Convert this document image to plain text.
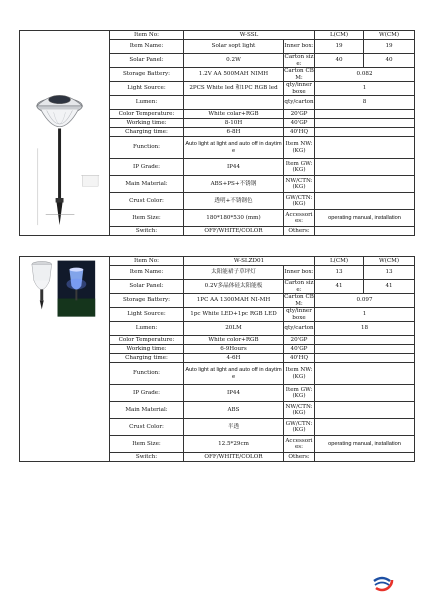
	Item No:	W-SSL		L(CM)	W(CM)
	Item Name:	Solar sopt light	Inner box:	19	19
	Solar Panel:	0.2W	Carton size:	40	40
	Storage Battery:	1.2V AA 500MAH NIMH	Carton CBM:	0.082	
	Light Source:	2PCS White led 和1PC RGB led	qty/inner boxe	1	
	Lumen:		qty/carton	8	
	Color Temperature:	White colar+RGB	20'GP		
	Working time:	8-10H	40'GP		
	Charging time:	6-8H	40'HQ		
	Function:	Auto light at light and auto off in daytime	Item NW:(KG)		
	IP Grade:	IP44	Item GW:(KG)		
	Main Material:	ABS+PS+不锈钢	NW/CTN:(KG)		
	Crust Color:	透明+不锈钢色	GW/CTN:(KG)		
	Item Size:	180*180*530 (mm)	Accessories:	operating manual, installation	
	Switch:	OFF/WHITE/COLOR	Others:		
	Item No:	W-SLZD01		L(CM)	W(CM)
	Item Name:	太阳能裙子草坪灯	Inner box:	13	13
	Solar Panel:	0.2V多晶体硅太阳能板	Carton size:	41	41
	Storage Battery:	1PC AA 1300MAH NI-MH	Carton CBM:	0.097	
	Light Source:	1pc White LED+1pc RGB LED	qty/inner boxe	1	
	Lumen:	20LM	qty/carton	18	
	Color Temperature:	White color+RGB	20'GP		
	Working time:	6-9Hours	40'GP		
	Charging time:	4-6H	40'HQ		
	Function:	Auto light at light and auto off in daytime	Item NW:(KG)		
	IP Grade:	IP44	Item GW:(KG)		
	Main Material:	ABS	NW/CTN:(KG)		
	Crust Color:	半透	GW/CTN:(KG)		
	Item Size:	12.5*29cm	Accessories:	operating manual, installation	
	Switch:	OFF/WHITE/COLOR	Others:		
